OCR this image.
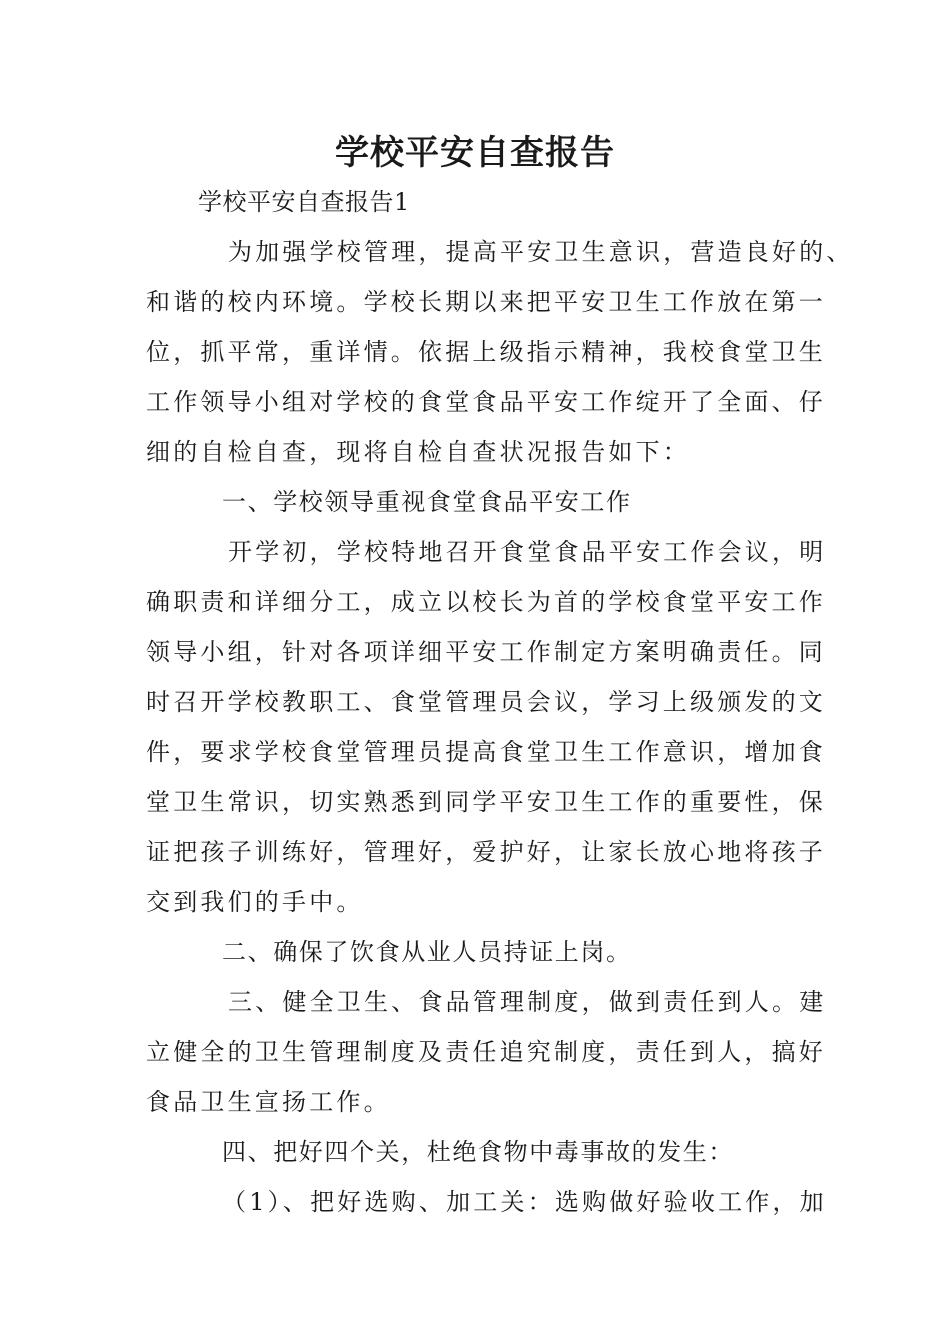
学校平安自查报告
学校平安自查报告1
为加强学校管理，提高平安卫生意识，营造良好的、
和谐的校内环境。学校长期以来把平安卫生工作放在第一
位，抓平常，重详情。依据上级指示精神，我校食堂卫生
工作领导小组对学校的食堂食品平安工作绽开了全面、仔
细的自检自查，现将自检自查状况报告如下：
一、学校领导重视食堂食品平安工作
开学初，学校特地召开食堂食品平安工作会议，明
确职责和详细分工，成立以校长为首的学校食堂平安工作
领导小组，针对各项详细平安工作制定方案明确责任。同
时召开学校教职工、食堂管理员会议，学习上级颁发的文
件，要求学校食堂管理员提高食堂卫生工作意识，增加食
堂卫生常识，切实熟悉到同学平安卫生工作的重要性，保
证把孩子训练好，管理好，爱护好，让家长放心地将孩子
交到我们的手中。
二、确保了饮食从业人员持证上岗。
三、健全卫生、食品管理制度，做到责任到人。建
立健全的卫生管理制度及责任追究制度，责任到人，搞好
食品卫生宣扬工作。
四、把好四个关，杜绝食物中毒事故的发生：
（1）、把好选购、加工关：选购做好验收工作，加
